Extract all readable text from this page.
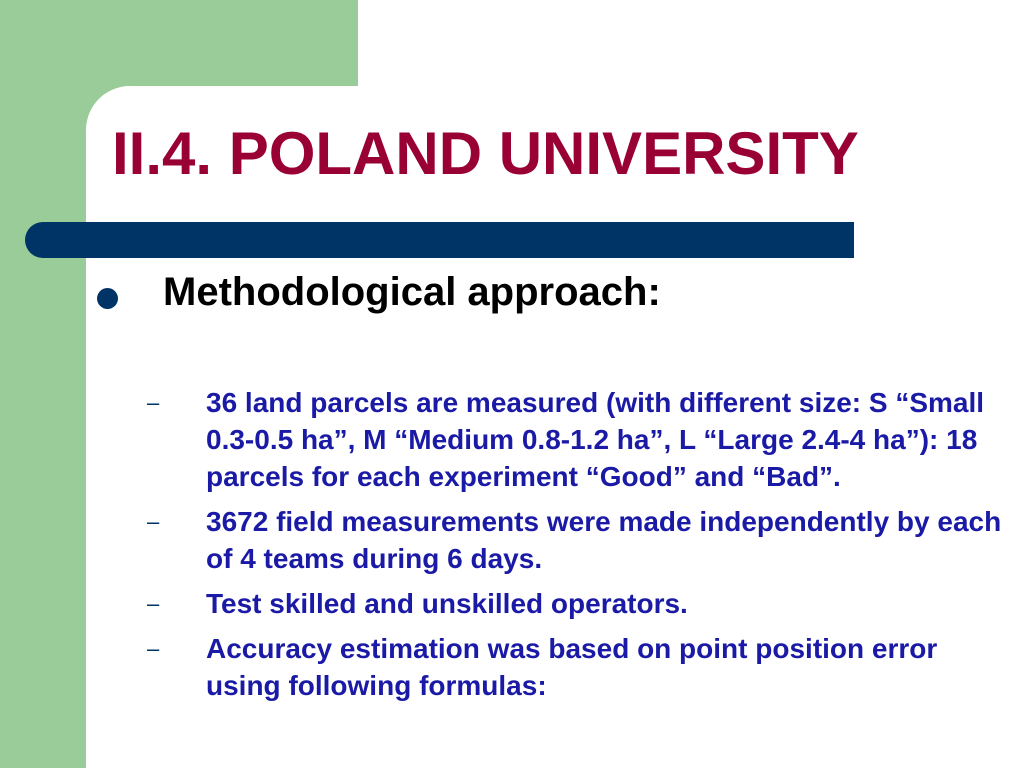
II.4. POLAND UNIVERSITY

Methodological approach:

– 36 land parcels are measured (with different size: S “Small 0.3-0.5 ha”, M “Medium 0.8-1.2 ha”, L “Large 2.4-4 ha”): 18 parcels for each experiment “Good” and “Bad”.
– 3672 field measurements were made independently by each of 4 teams during 6 days.
– Test skilled and unskilled operators.
– Accuracy estimation was based on point position error using following formulas:
